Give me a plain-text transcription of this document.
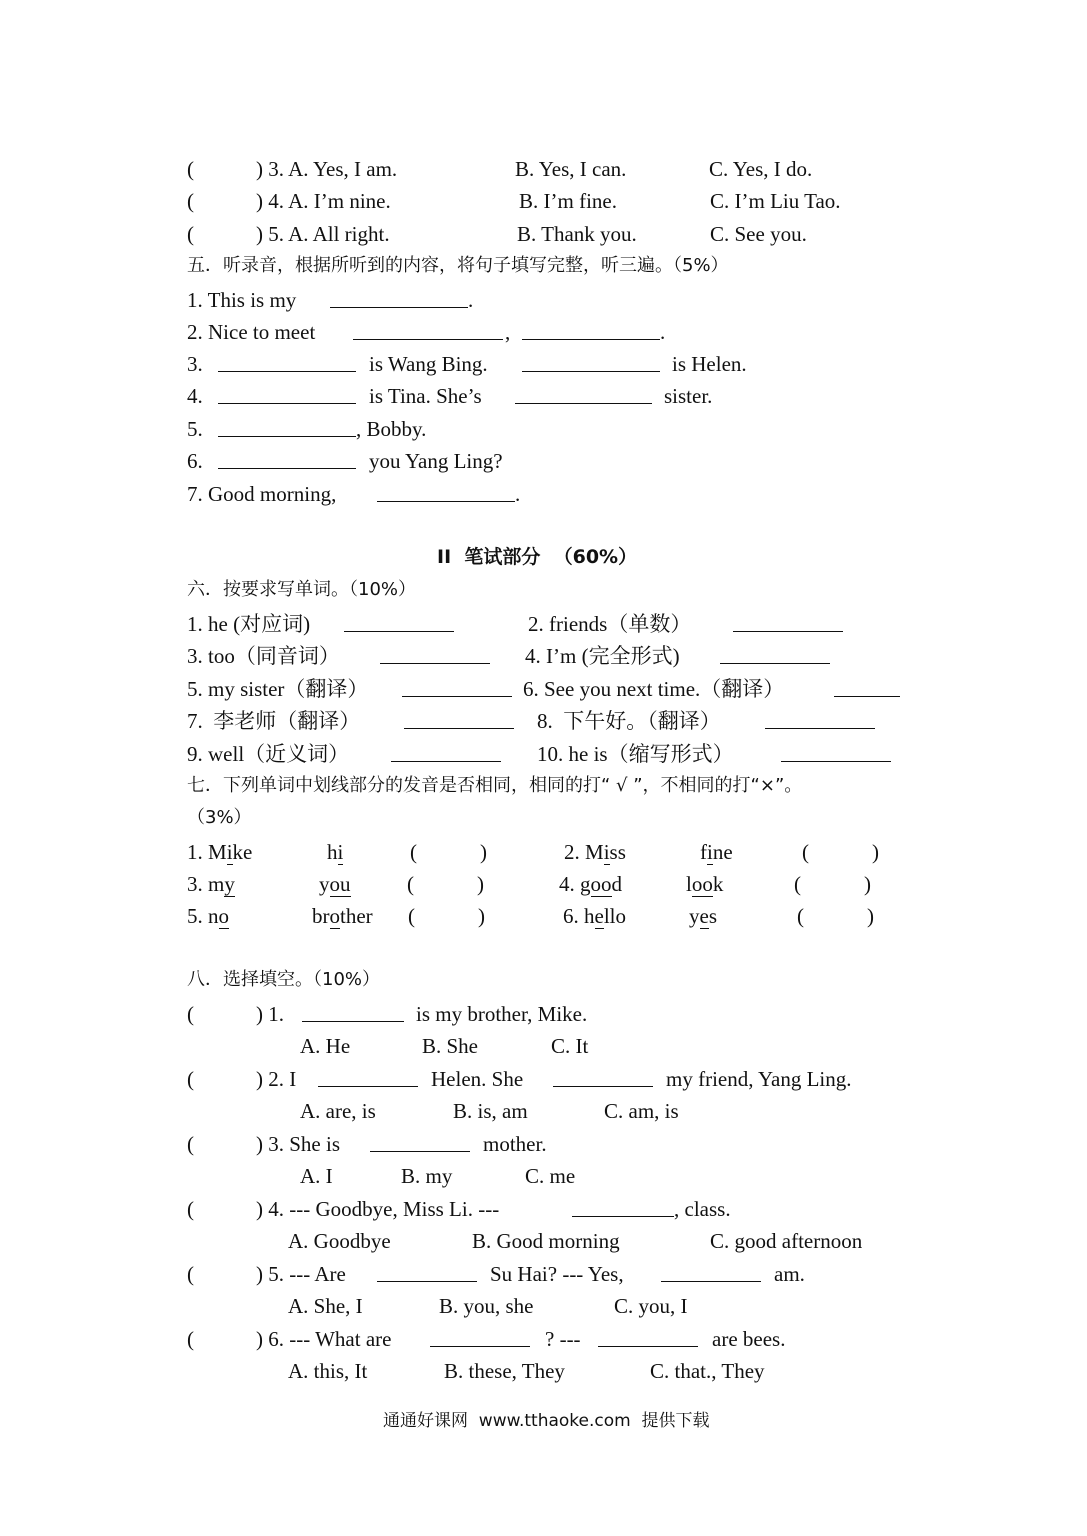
(	) 3. A. Yes, I am.	B. Yes, I can.	C. Yes, I do.
(	) 4. A. I’m nine.	B. I’m fine.	C. I’m Liu Tao.
(	) 5. A. All right.	B. Thank you.	C. See you.
五．听录音，根据所听到的内容，将句子填写完整，听三遍。（5%）
1. This is my	.
2. Nice to meet	,	.
3.	is Wang Bing.	is Helen.
4.	is Tina. She’s	sister.
5.	, Bobby.
6.	you Yang Ling?
7. Good morning,	.
II  笔试部分  （60%）
六．按要求写单词。（10%）
1. he (对应词)	2. friends（单数）
3. too（同音词）	4. I’m (完全形式)
5. my sister（翻译）	6. See you next time.（翻译）
7.  李老师（翻译）	8.  下午好。（翻译）
9. well（近义词）	10. he is（缩写形式）
七．下列单词中划线部分的发音是否相同，相同的打“ √ ”，不相同的打“×”。
（3%）
1. Mike	hi	(	)	2. Miss	fine	(	)
3. my	you	(	)	4. good	look	(	)
5. no	brother (	)	6. hello	yes	(	)
八．选择填空。（10%）
(	) 1.	is my brother, Mike.
A. He	B. She	C. It
(	) 2. I	Helen. She	my friend, Yang Ling.
A. are, is	B. is, am	C. am, is
(	) 3. She is	mother.
A. I	B. my	C. me
(	) 4. --- Goodbye, Miss Li. ---	, class.
A. Goodbye	B. Good morning	C. good afternoon
(	) 5. --- Are	Su Hai? --- Yes,	am.
A. She, I	B. you, she	C. you, I
(	) 6. --- What are	? ---	are bees.
A. this, It	B. these, They	C. that., They
通通好课网  www.tthaoke.com  提供下载
